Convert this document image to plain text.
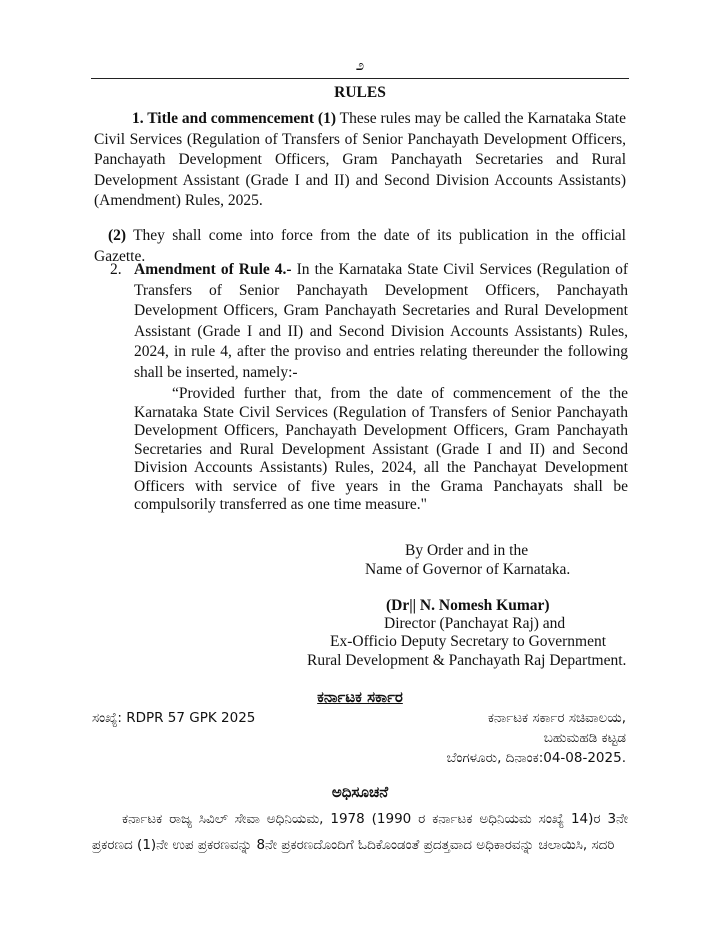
೨
RULES
1. Title and commencement (1) These rules may be called the Karnataka State Civil Services (Regulation of Transfers of Senior Panchayath Development Officers, Panchayath Development Officers, Gram Panchayath Secretaries and Rural Development Assistant (Grade I and II) and Second Division Accounts Assistants) (Amendment) Rules, 2025.
(2) They shall come into force from the date of its publication in the official Gazette.
2. Amendment of Rule 4.- In the Karnataka State Civil Services (Regulation of Transfers of Senior Panchayath Development Officers, Panchayath Development Officers, Gram Panchayath Secretaries and Rural Development Assistant (Grade I and II) and Second Division Accounts Assistants) Rules, 2024, in rule 4, after the proviso and entries relating thereunder the following shall be inserted, namely:-
“Provided further that, from the date of commencement of the the Karnataka State Civil Services (Regulation of Transfers of Senior Panchayath Development Officers, Panchayath Development Officers, Gram Panchayath Secretaries and Rural Development Assistant (Grade I and II) and Second Division Accounts Assistants) Rules, 2024, all the Panchayat Development Officers with service of five years in the Grama Panchayats shall be compulsorily transferred as one time measure."
By Order and in the
Name of Governor of Karnataka.
(Dr|| N. Nomesh Kumar)
Director (Panchayat Raj) and
Ex-Officio Deputy Secretary to Government
Rural Development & Panchayath Raj Department.
ಕರ್ನಾಟಕ ಸರ್ಕಾರ
ಸಂಖ್ಯೆ: RDPR 57 GPK 2025	ಕರ್ನಾಟಕ ಸರ್ಕಾರ ಸಚಿವಾಲಯ,
ಬಹುಮಹಡಿ ಕಟ್ಟಡ
ಬೆಂಗಳೂರು, ದಿನಾಂಕ:04-08-2025.
ಅಧಿಸೂಚನೆ
ಕರ್ನಾಟಕ ರಾಜ್ಯ ಸಿವಿಲ್ ಸೇವಾ ಅಧಿನಿಯಮ, 1978 (1990 ರ ಕರ್ನಾಟಕ ಅಧಿನಿಯಮ ಸಂಖ್ಯೆ 14)ರ 3ನೇ ಪ್ರಕರಣದ (1)ನೇ ಉಪ ಪ್ರಕರಣವನ್ನು 8ನೇ ಪ್ರಕರಣದೊಂದಿಗೆ ಓದಿಕೊಂಡಂತೆ ಪ್ರದತ್ತವಾದ ಅಧಿಕಾರವನ್ನು ಚಲಾಯಿಸಿ, ಸದರಿ
